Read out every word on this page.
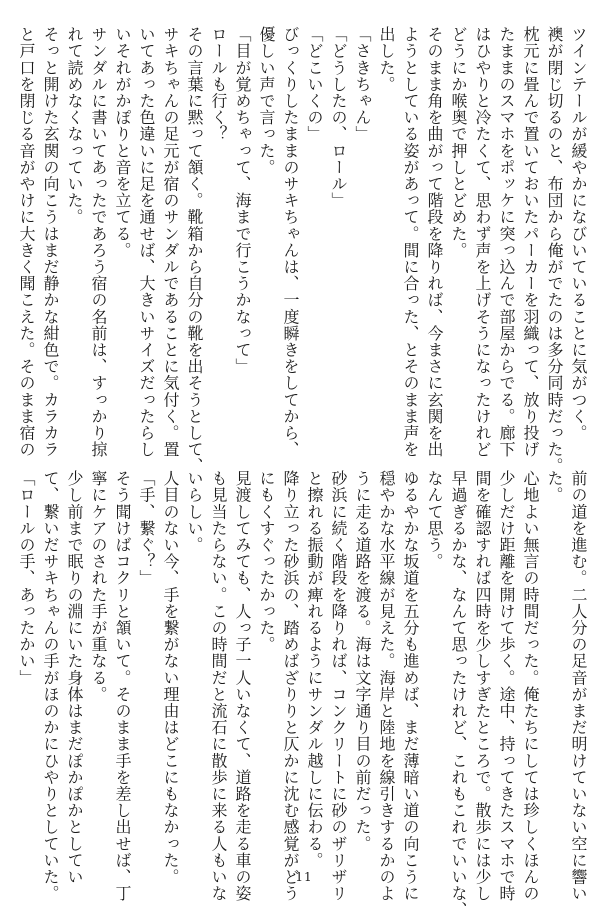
ツインテールが緩やかになびいていることに気がつく。
襖が閉じ切るのと、布団から俺がでたのは多分同時だった。
枕元に畳んで置いておいたパーカーを羽織って、放り投げ
たままのスマホをポッケに突っ込んで部屋からでる。廊下
はひやりと冷たくて、思わず声を上げそうになったけれど
どうにか喉奥で押しとどめた。
そのまま角を曲がって階段を降りれば、今まさに玄関を出
ようとしている姿があって。間に合った、とそのまま声を
出した。
「さきちゃん」
「どうしたの、ロール」
「どこいくの」
びっくりしたままのサキちゃんは、一度瞬きをしてから、
優しい声で言った。
「目が覚めちゃって、海まで行こうかなって」
ロールも行く？
その言葉に黙って頷く。靴箱から自分の靴を出そうとして、
サキちゃんの足元が宿のサンダルであることに気付く。置
いてあった色違いに足を通せば、大きいサイズだったらし
いそれがかぽりと音を立てる。
サンダルに書いてあったであろう宿の名前は、すっかり掠
れて読めなくなっていた。
そっと開けた玄関の向こうはまだ静かな紺色で。カラカラ
と戸口を閉じる音がやけに大きく聞こえた。そのまま宿の
前の道を進む。二人分の足音がまだ明けていない空に響い
た。
心地よい無言の時間だった。俺たちにしては珍しくほんの
少しだけ距離を開けて歩く。途中、持ってきたスマホで時
間を確認すれば四時を少しすぎたところで。散歩には少し
早過ぎるかな、なんて思ったけれど、これもこれでいいな、
なんて思う。
ゆるやかな坂道を五分も進めば、まだ薄暗い道の向こうに
穏やかな水平線が見えた。海岸と陸地を線引きするかのよ
うに走る道路を渡る。海は文字通り目の前だった。
砂浜に続く階段を降りれば、コンクリートに砂のザリザリ
と擦れる振動が痺れるようにサンダル越しに伝わる。
降り立った砂浜の、踏めばざりりと仄かに沈む感覚がどう
にもくすぐったかった。
見渡してみても、人っ子一人いなくて、道路を走る車の姿
も見当たらない。この時間だと流石に散歩に来る人もいな
いらしい。
人目のない今、手を繋がない理由はどこにもなかった。
「手、繋ぐ？」
そう聞けばコクリと頷いて。そのまま手を差し出せば、丁
寧にケアのされた手が重なる。
少し前まで眠りの淵にいた身体はまだぽかぽかとしてい
て、繋いだサキちゃんの手がほのかにひやりとしていた。
「ロールの手、あったかい」
11
